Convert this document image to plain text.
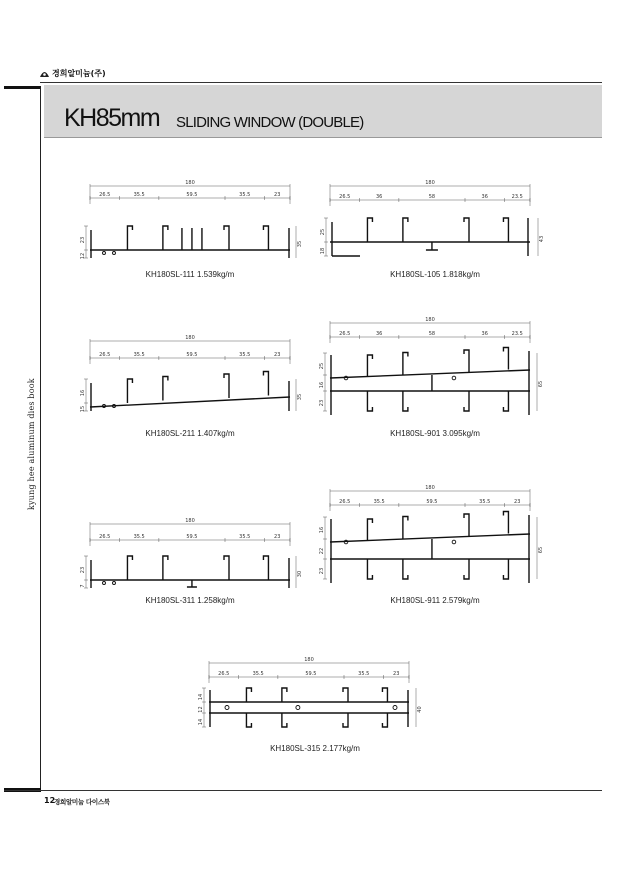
경희알미늄(주)
kyung hee aluminum dies book
KH85mm SLIDING WINDOW (DOUBLE)
180
26.5	35.5	59.5	35.5	23
23
12
35
KH180SL-111 1.539kg/m
180
26.5	36	58	36	23.5
25
18
43
KH180SL-105 1.818kg/m
180
26.5	35.5	59.5	35.5	23
16
15
35
KH180SL-211 1.407kg/m
180
26.5	36	58	36	23.5
25
16
23
65
KH180SL-901 3.095kg/m
180
26.5	35.5	59.5	35.5	23
23
7
30
KH180SL-311 1.258kg/m
180
26.5	35.5	59.5	35.5	23
16
22
23
65
KH180SL-911 2.579kg/m
180
26.5	35.5	59.5	35.5	23
14
12
14
40
KH180SL-315 2.177kg/m
12
경희알미늄 다이스북
